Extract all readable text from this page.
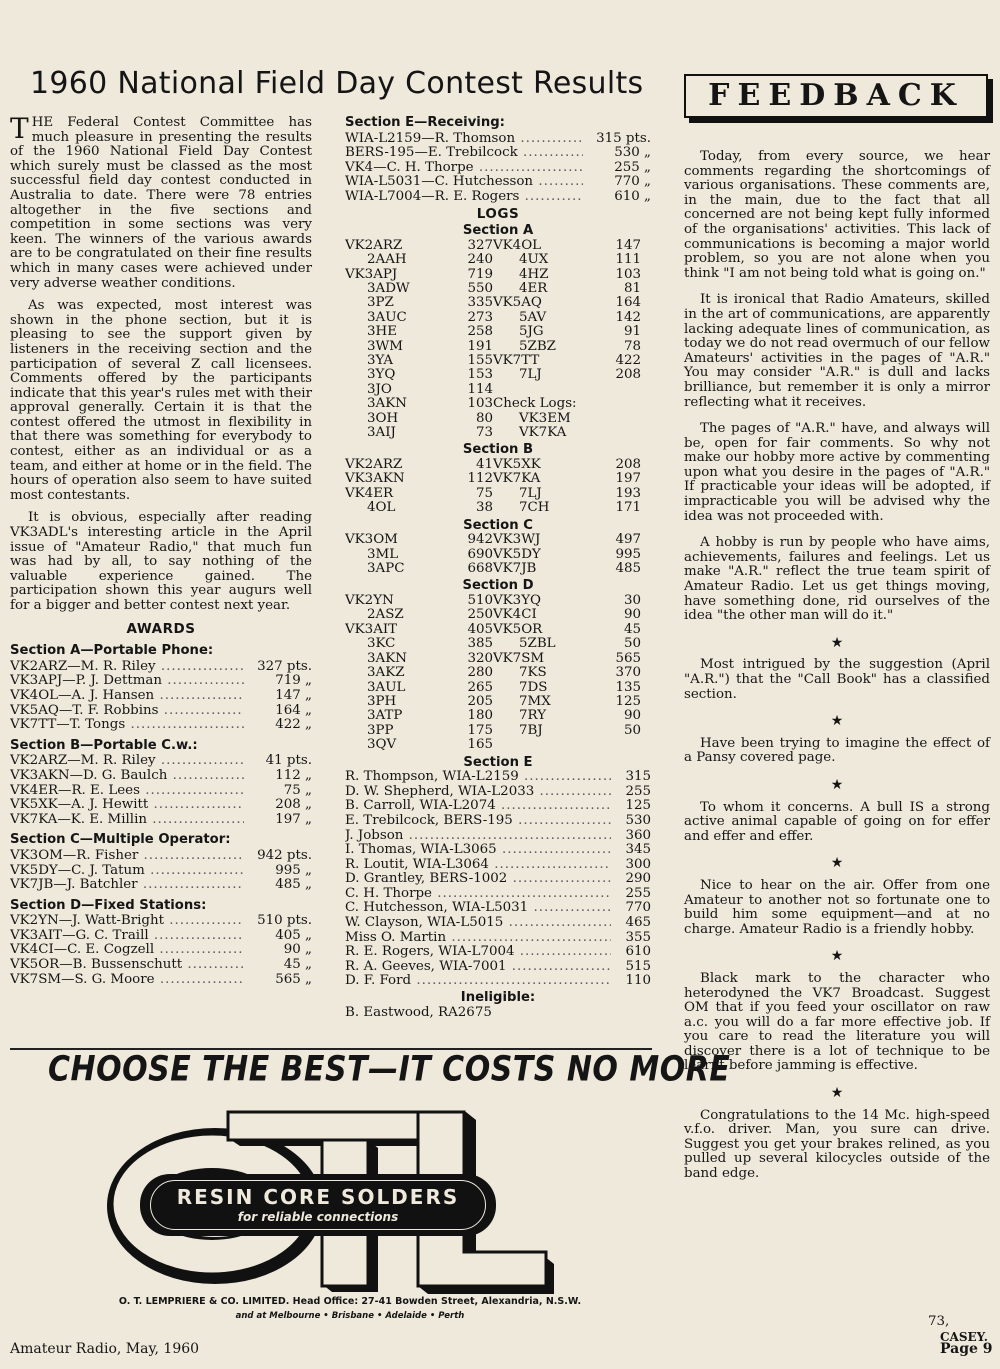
1960 National Field Day Contest Results

THE Federal Contest Committee has much pleasure in presenting the results of the 1960 National Field Day Contest which surely must be classed as the most successful field day contest conducted in Australia to date. There were 78 entries altogether in the five sections and competition in some sections was very keen. The winners of the various awards are to be congratulated on their fine results which in many cases were achieved under very adverse weather conditions.

As was expected, most interest was shown in the phone section, but it is pleasing to see the support given by listeners in the receiving section and the participation of several Z call licensees. Comments offered by the participants indicate that this year's rules met with their approval generally. Certain it is that the contest offered the utmost in flexibility in that there was something for everybody to contest, either as an individual or as a team, and either at home or in the field. The hours of operation also seem to have suited most contestants.

It is obvious, especially after reading VK3ADL's interesting article in the April issue of "Amateur Radio," that much fun was had by all, to say nothing of the valuable experience gained. The participation shown this year augurs well for a bigger and better contest next year.

AWARDS
Section A—Portable Phone:
VK2ARZ—M. R. Riley .....	327 pts.
VK3APJ—P. J. Dettman .....	719 „
VK4OL—A. J. Hansen .....	147 „
VK5AQ—T. F. Robbins .....	164 „
VK7TT—T. Tongs .....	422 „
Section B—Portable C.w.:
VK2ARZ—M. R. Riley .....	41 pts.
VK3AKN—D. G. Baulch .....	112 „
VK4ER—R. E. Lees .....	75 „
VK5XK—A. J. Hewitt .....	208 „
VK7KA—K. E. Millin .....	197 „
Section C—Multiple Operator:
VK3OM—R. Fisher .....	942 pts.
VK5DY—C. J. Tatum .....	995 „
VK7JB—J. Batchler .....	485 „
Section D—Fixed Stations:
VK2YN—J. Watt-Bright .....	510 pts.
VK3AIT—G. C. Traill .....	405 „
VK4CI—C. E. Cogzell .....	90 „
VK5OR—B. Bussenschutt .....	45 „
VK7SM—S. G. Moore .....	565 „
Section E—Receiving:
WIA-L2159—R. Thomson .....	315 pts.
BERS-195—E. Trebilcock .....	530 „
VK4—C. H. Thorpe .....	255 „
WIA-L5031—C. Hutchesson .....	770 „
WIA-L7004—R. E. Rogers .....	610 „
LOGS
Section A
VK2ARZ	327 VK4OL	147
2AAH	240	4UX	111
VK3APJ	719	4HZ	103
3ADW	550	4ER	81
3PZ	335 VK5AQ	164
3AUC	273	5AV	142
3HE	258	5JG	91
3WM	191	5ZBZ	78
3YA	155 VK7TT	422
3YQ	153	7LJ	208
3JO	114
3AKN	103 Check Logs:
3OH	80	VK3EM
3AIJ	73	VK7KA
Section B
VK2ARZ	41 VK5XK	208
VK3AKN	112 VK7KA	197
VK4ER	75	7LJ	193
4OL	38	7CH	171
Section C
VK3OM	942 VK3WJ	497
3ML	690 VK5DY	995
3APC	668 VK7JB	485
Section D
VK2YN	510 VK3YQ	30
2ASZ	250 VK4CI	90
VK3AIT	405 VK5OR	45
3KC	385	5ZBL	50
3AKN	320 VK7SM	565
3AKZ	280	7KS	370
3AUL	265	7DS	135
3PH	205	7MX	125
3ATP	180	7RY	90
3PP	175	7BJ	50
3QV	165
Section E
R. Thompson, WIA-L2159 .....	315
D. W. Shepherd, WIA-L2033 .....	255
B. Carroll, WIA-L2074 .....	125
E. Trebilcock, BERS-195 .....	530
J. Jobson .....	360
I. Thomas, WIA-L3065 .....	345
R. Loutit, WIA-L3064 .....	300
D. Grantley, BERS-1002 .....	290
C. H. Thorpe .....	255
C. Hutchesson, WIA-L5031 .....	770
W. Clayson, WIA-L5015 .....	465
Miss O. Martin .....	355
R. E. Rogers, WIA-L7004 .....	610
R. A. Geeves, WIA-7001 .....	515
D. F. Ford .....	110
Ineligible:
B. Eastwood, RA2675
FEEDBACK

Today, from every source, we hear comments regarding the shortcomings of various organisations. These comments are, in the main, due to the fact that all concerned are not being kept fully informed of the organisations' activities. This lack of communications is becoming a major world problem, so you are not alone when you think "I am not being told what is going on."

It is ironical that Radio Amateurs, skilled in the art of communications, are apparently lacking adequate lines of communication, as today we do not read overmuch of our fellow Amateurs' activities in the pages of "A.R." You may consider "A.R." is dull and lacks brilliance, but remember it is only a mirror reflecting what it receives.

The pages of "A.R." have, and always will be, open for fair comments. So why not make our hobby more active by commenting upon what you desire in the pages of "A.R." If practicable your ideas will be adopted, if impracticable you will be advised why the idea was not proceeded with.

A hobby is run by people who have aims, achievements, failures and feelings. Let us make "A.R." reflect the true team spirit of Amateur Radio. Let us get things moving, have something done, rid ourselves of the idea "the other man will do it."

★

Most intrigued by the suggestion (April "A.R.") that the "Call Book" has a classified section.

★

Have been trying to imagine the effect of a Pansy covered page.

★

To whom it concerns. A bull IS a strong active animal capable of going on for effer and effer and effer.

★

Nice to hear on the air. Offer from one Amateur to another not so fortunate one to build him some equipment—and at no charge. Amateur Radio is a friendly hobby.

★

Black mark to the character who heterodyned the VK7 Broadcast. Suggest OM that if you feed your oscillator on raw a.c. you will do a far more effective job. If you care to read the literature you will discover there is a lot of technique to be learnt before jamming is effective.

★

Congratulations to the 14 Mc. high-speed v.f.o. driver. Man, you sure can drive. Suggest you get your brakes relined, as you pulled up several kilocycles outside of the band edge.

73,
CASEY.
CHOOSE THE BEST—IT COSTS NO MORE
RESIN CORE SOLDERS
for reliable connections
O. T. LEMPRIERE & CO. LIMITED. Head Office: 27-41 Bowden Street, Alexandria, N.S.W.
and at Melbourne • Brisbane • Adelaide • Perth
Amateur Radio, May, 1960	Page 9
